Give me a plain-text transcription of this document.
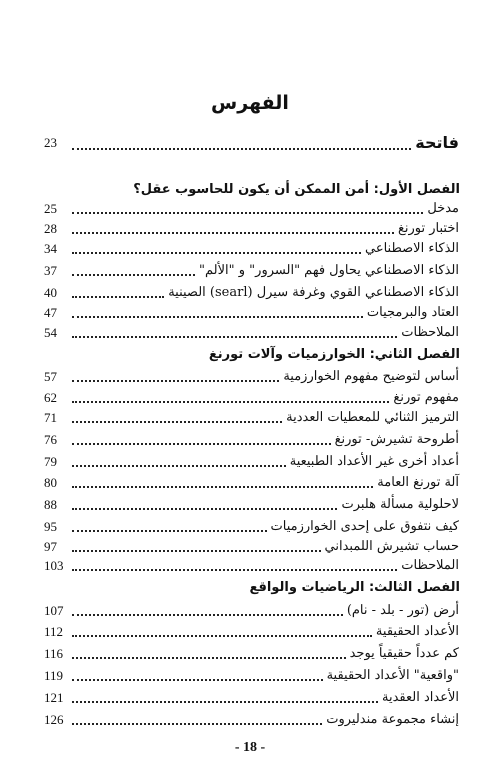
الفهرس
فاتحة
23
الفصل الأول: أمن الممكن أن يكون للحاسوب عقل؟
مدخل
25
اختبار تورنغ
28
الذكاء الاصطناعي
34
الذكاء الاصطناعي يحاول فهم "السرور" و "الألم"
37
الذكاء الاصطناعي القوي وغرفة سيرل (searl) الصينية
40
العتاد والبرمجيات
47
الملاحظات
54
الفصل الثاني: الخوارزميات وآلات تورنغ
أساس لتوضيح مفهوم الخوارزمية
57
مفهوم تورنغ
62
الترميز الثنائي للمعطيات العددية
71
أطروحة تشيرش- تورنغ
76
أعداد أخرى غير الأعداد الطبيعية
79
آلة تورنغ العامة
80
لاحلولية مسألة هلبرت
88
كيف نتفوق على إحدى الخوارزميات
95
حساب تشيرش اللمبداني
97
الملاحظات
103
الفصل الثالث: الرياضيات والواقع
أرض (تور - بلد - نام)
107
الأعداد الحقيقية
112
كم عدداً حقيقياً يوجد
116
"واقعية" الأعداد الحقيقية
119
الأعداد العقدية
121
إنشاء مجموعة مندليروت
126
- 18 -
